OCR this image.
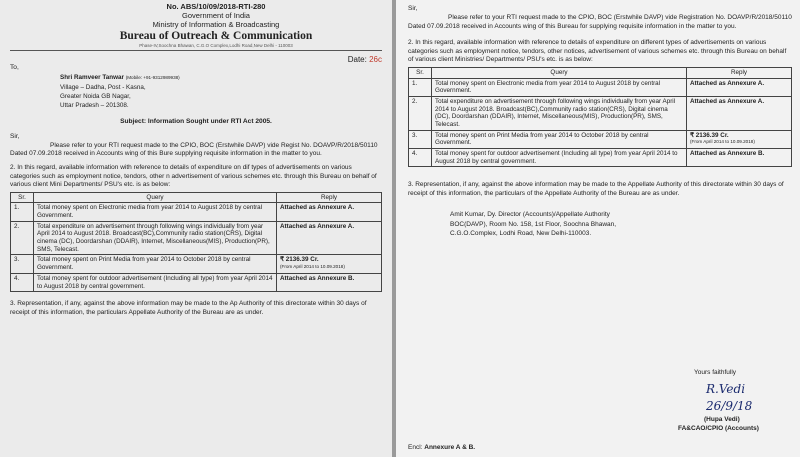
No. ABS/10/09/2018-RTI-280
Government of India
Ministry of Information & Broadcasting
Bureau of Outreach & Communication
Phase-IV,Soochna Bhawan, C.G.O Complex,Lodhi Road,New Delhi - 110003
Date: 26c
To,
Shri Ramveer Tanwar (Mobile: +91-9312989938)
Village – Dadha, Post - Kasna,
Greater Noida GB Nagar,
Uttar Pradesh – 201308.
Subject: Information Sought under RTI Act 2005.
Sir,

Please refer to your RTI request made to the CPIO, BOC (Erstwhile DAVP) vide Regist No. DOAVP/R/2018/50110 Dated 07.09.2018 received in Accounts wing of this Bure supplying requisite information in the matter to you.

2. In this regard, available information with reference to details of expenditure on dif types of advertisements on various categories such as employment notice, tendors, other n advertisement of various schemes etc. through this Bureau on behalf of various client Mini Departments/ PSU's etc. is as below:

Sr.	Query	Reply
1.	Total money spent on Electronic media from year 2014 to August 2018 by central Government.	Attached as Annexure A.
2.	Total expenditure on advertisement through following wings individually from year April 2014 to August 2018. Broadcast(BC),Community radio station(CRS), Digital cinema (DC), Doordarshan (DDAIR), Internet, Miscellaneous(MIS), Production(PR), SMS, Telecast.	Attached as Annexure A.
3.	Total money spent on Print Media from year 2014 to October 2018 by central Government.	₹ 2136.39 Cr.
(From April 2014 to 10.09.2018)

4.	Total money spent for outdoor advertisement (Including all type) from year April 2014 to August 2018 by central government.	Attached as Annexure B.

3. Representation, if any, against the above information may be made to the Ap Authority of this directorate within 30 days of receipt of this information, the particulars Appellate Authority of the Bureau are as under.

Sir,

Please refer to your RTI request made to the CPIO, BOC (Erstwhile DAVP) vide Registration No. DOAVP/R/2018/50110 Dated 07.09.2018 received in Accounts wing of this Bureau for supplying requisite information in the matter to you.

2. In this regard, available information with reference to details of expenditure on different types of advertisements on various categories such as employment notice, tendors, other notices, advertisement of various schemes etc. through this Bureau on behalf of various client Ministries/ Departments/ PSU's etc. is as below:

Sr.	Query	Reply
1.	Total money spent on Electronic media from year 2014 to August 2018 by central Government.	Attached as Annexure A.
2.	Total expenditure on advertisement through following wings individually from year April 2014 to August 2018. Broadcast(BC),Community radio station(CRS), Digital cinema (DC), Doordarshan (DDAIR), Internet, Miscellaneous(MIS), Production(PR), SMS, Telecast.	Attached as Annexure A.
3.	Total money spent on Print Media from year 2014 to October 2018 by central Government.	₹ 2136.39 Cr.
(From April 2014 to 10.09.2018)

4.	Total money spent for outdoor advertisement (Including all type) from year April 2014 to August 2018 by central government.	Attached as Annexure B.

3. Representation, if any, against the above information may be made to the Appellate Authority of this directorate within 30 days of receipt of this information, the particulars of the Appellate Authority of the Bureau are as under.

Amit Kumar, Dy. Director (Accounts)/Appellate Authority
BOC(DAVP), Room No. 158, 1st Floor, Soochna Bhawan,
C.G.O.Complex, Lodhi Road, New Delhi-110003.
Yours faithfully
R.Vedi 26/9/18
(Hupa Vedi)
FA&CAO/CPIO (Accounts)
Encl: Annexure A & B.
